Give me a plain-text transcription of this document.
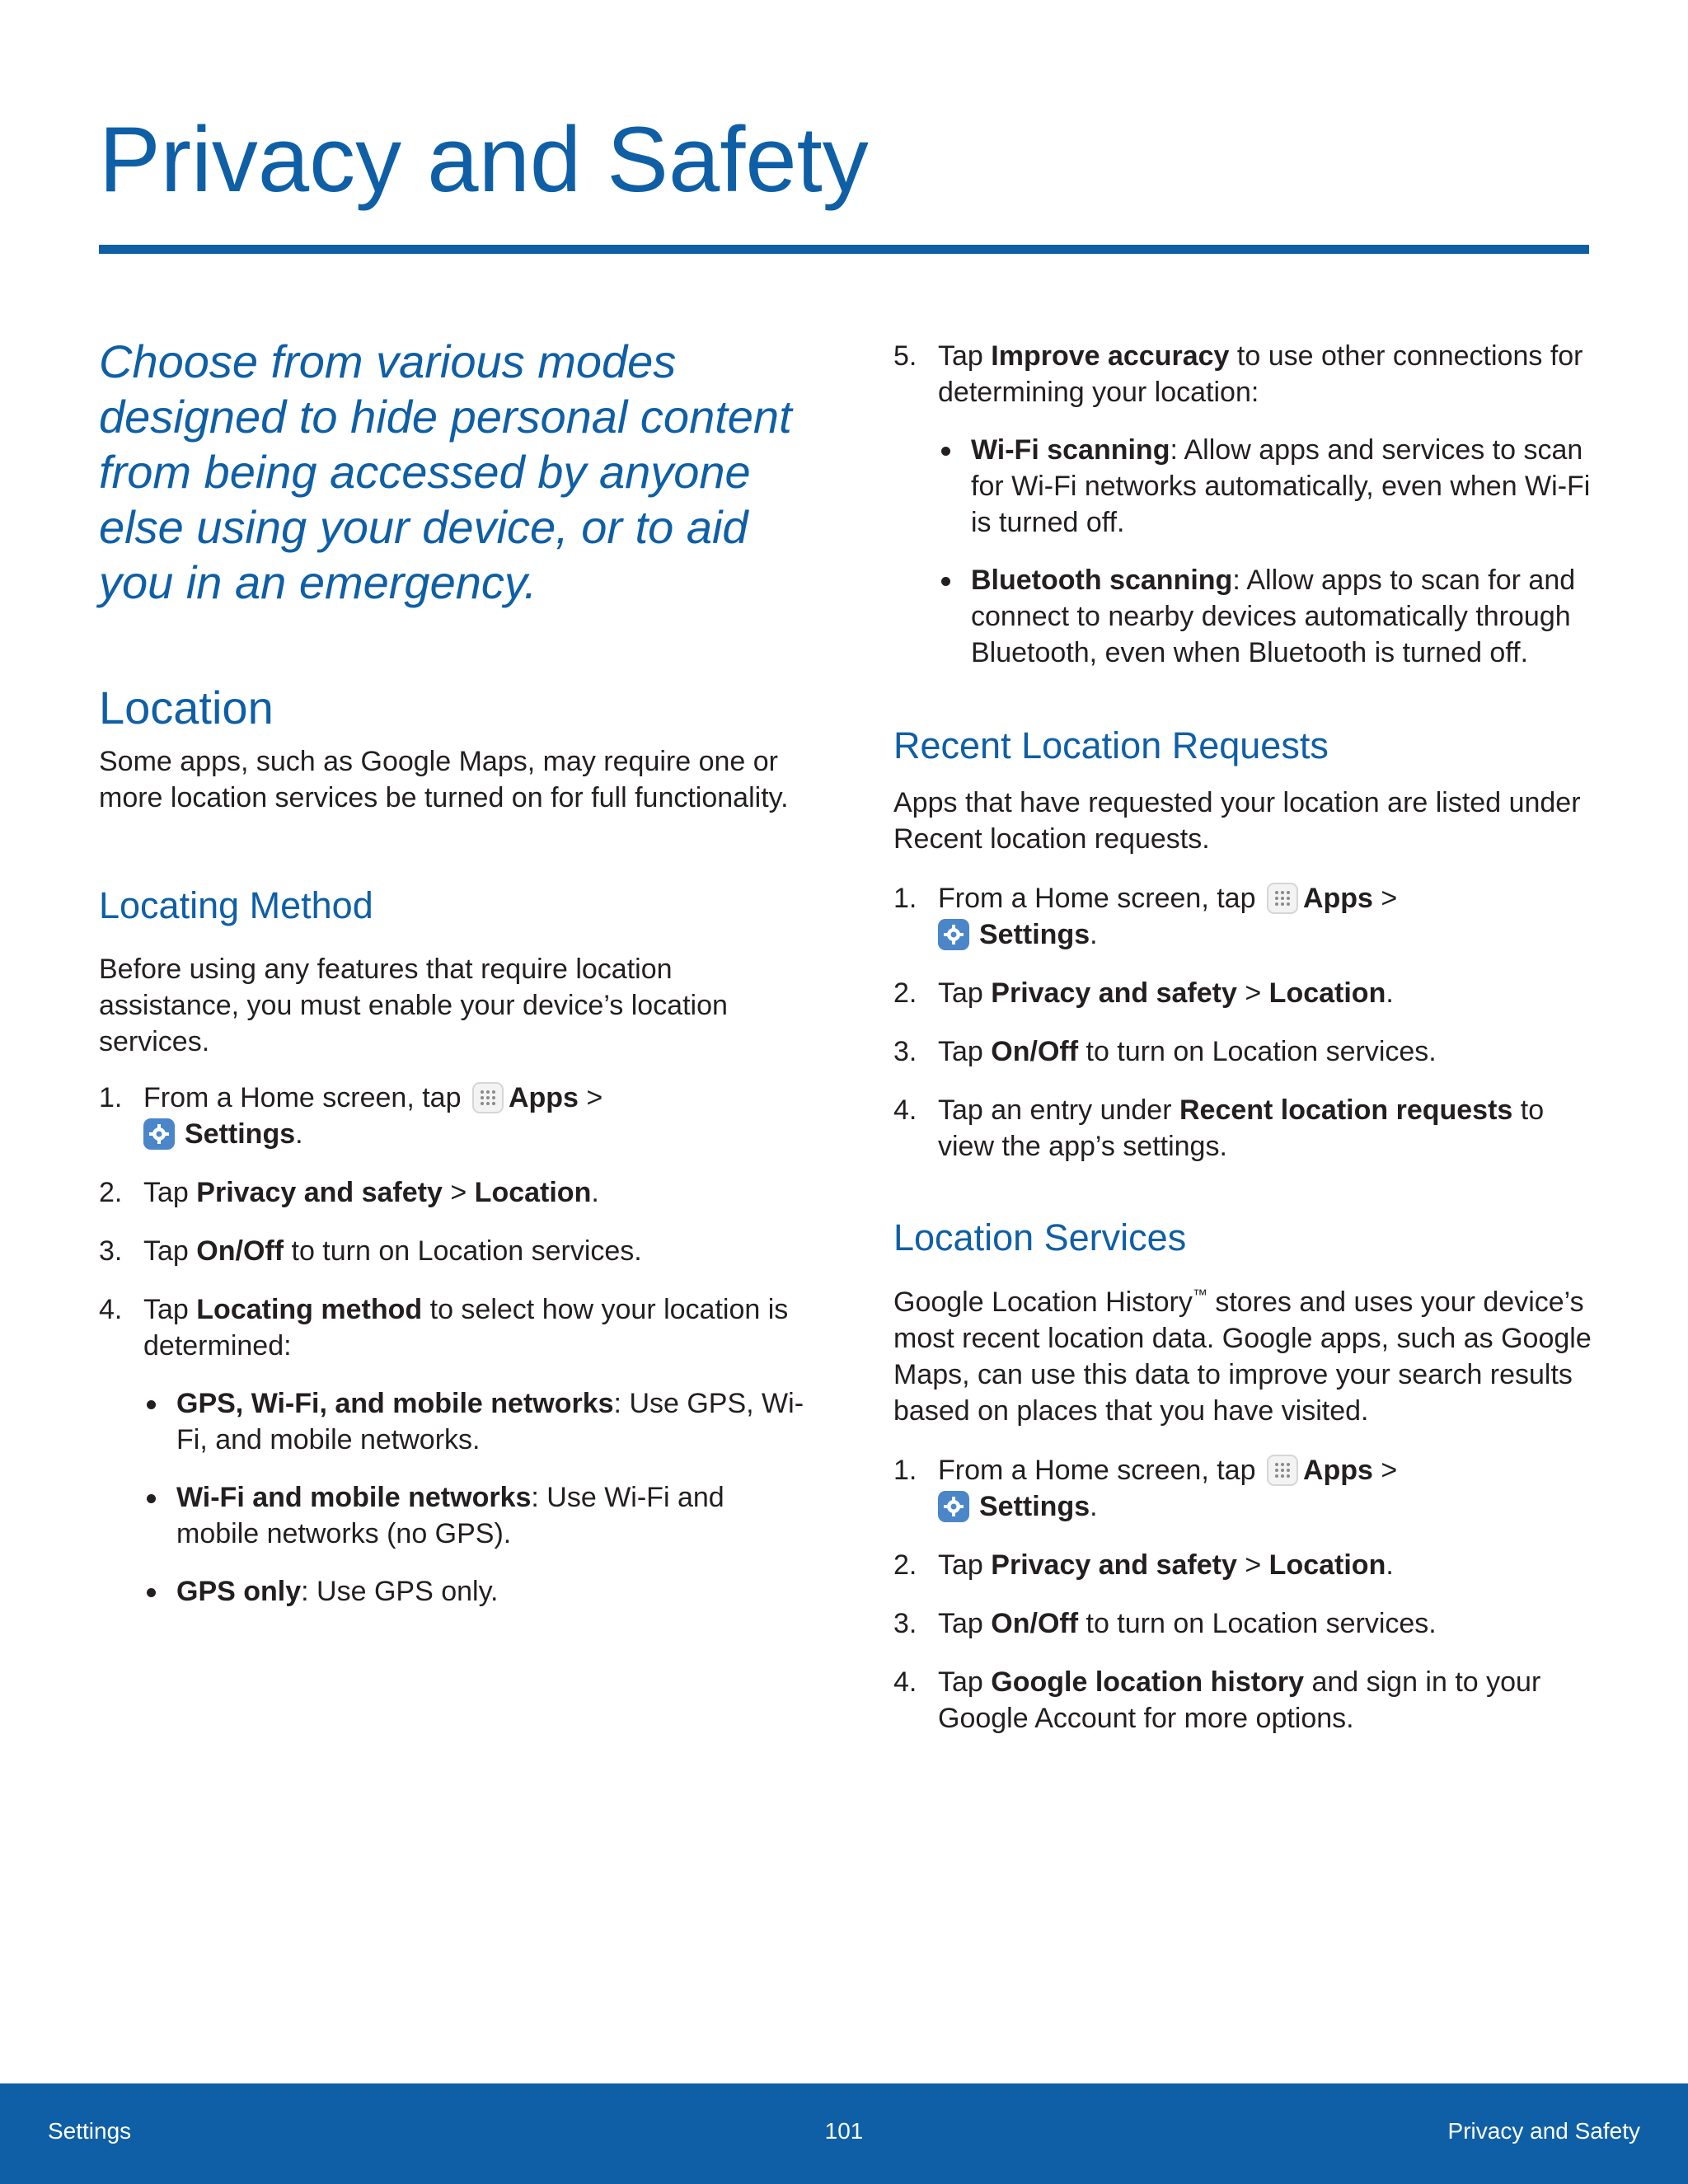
Privacy and Safety

Choose from various modes designed to hide personal content from being accessed by anyone else using your device, or to aid you in an emergency.

Location

Some apps, such as Google Maps, may require one or more location services be turned on for full functionality.

Locating Method

Before using any features that require location assistance, you must enable your device’s location services.

1. From a Home screen, tap Apps >

Settings.
2. Tap Privacy and safety > Location.
3. Tap On/Off to turn on Location services.
4. Tap Locating method to select how your location is determined:
GPS, Wi-Fi, and mobile networks: Use GPS, Wi-Fi, and mobile networks.
Wi-Fi and mobile networks: Use Wi-Fi and mobile networks (no GPS).
GPS only: Use GPS only.
5. Tap Improve accuracy to use other connections for determining your location:
Wi-Fi scanning: Allow apps and services to scan for Wi-Fi networks automatically, even when Wi-Fi is turned off.
Bluetooth scanning: Allow apps to scan for and connect to nearby devices automatically through Bluetooth, even when Bluetooth is turned off.
Recent Location Requests

Apps that have requested your location are listed under Recent location requests.

1. From a Home screen, tap Apps >

Settings.
2. Tap Privacy and safety > Location.
3. Tap On/Off to turn on Location services.
4. Tap an entry under Recent location requests to view the app’s settings.
Location Services

Google Location History™ stores and uses your device’s most recent location data. Google apps, such as Google Maps, can use this data to improve your search results based on places that you have visited.

1. From a Home screen, tap Apps >

Settings.
2. Tap Privacy and safety > Location.
3. Tap On/Off to turn on Location services.
4. Tap Google location history and sign in to your Google Account for more options.
Settings	101	Privacy and Safety
